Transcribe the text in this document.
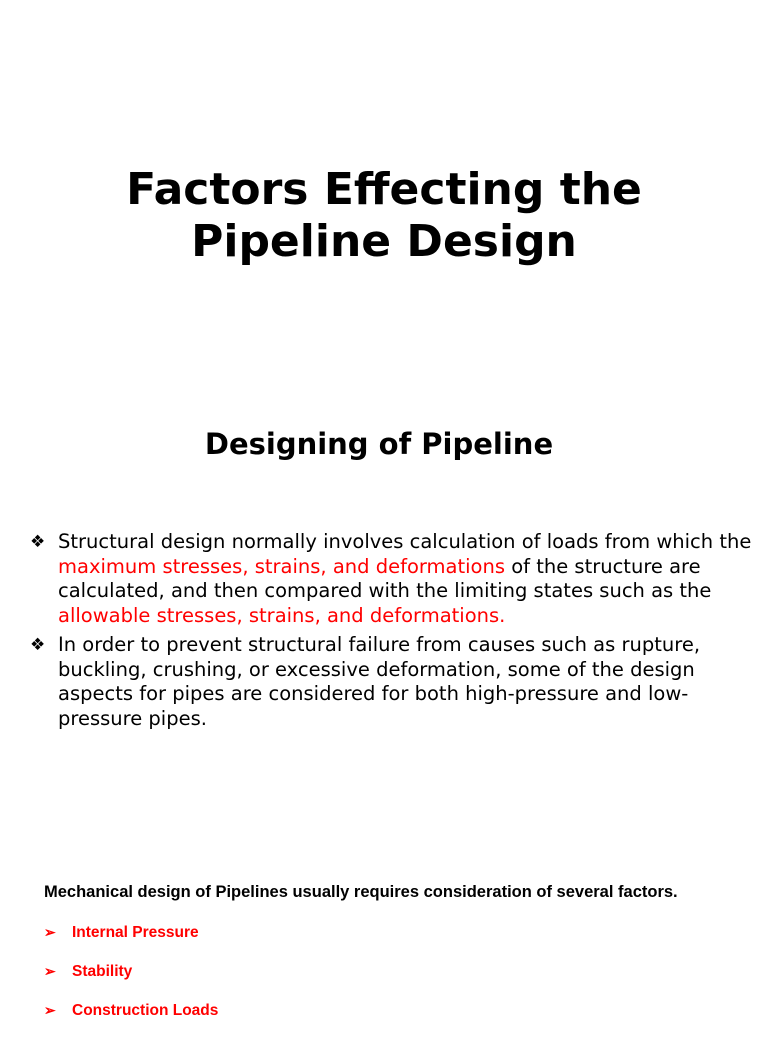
Factors Effecting the
Pipeline Design
Designing of Pipeline
❖ Structural design normally involves calculation of loads from which the maximum stresses, strains, and deformations of the structure are calculated, and then compared with the limiting states such as the allowable stresses, strains, and deformations.
❖ In order to prevent structural failure from causes such as rupture, buckling, crushing, or excessive deformation, some of the design aspects for pipes are considered for both high-pressure and low-pressure pipes.

Mechanical design of Pipelines usually requires consideration of several factors.

➢ Internal Pressure
➢ Stability
➢ Construction Loads
